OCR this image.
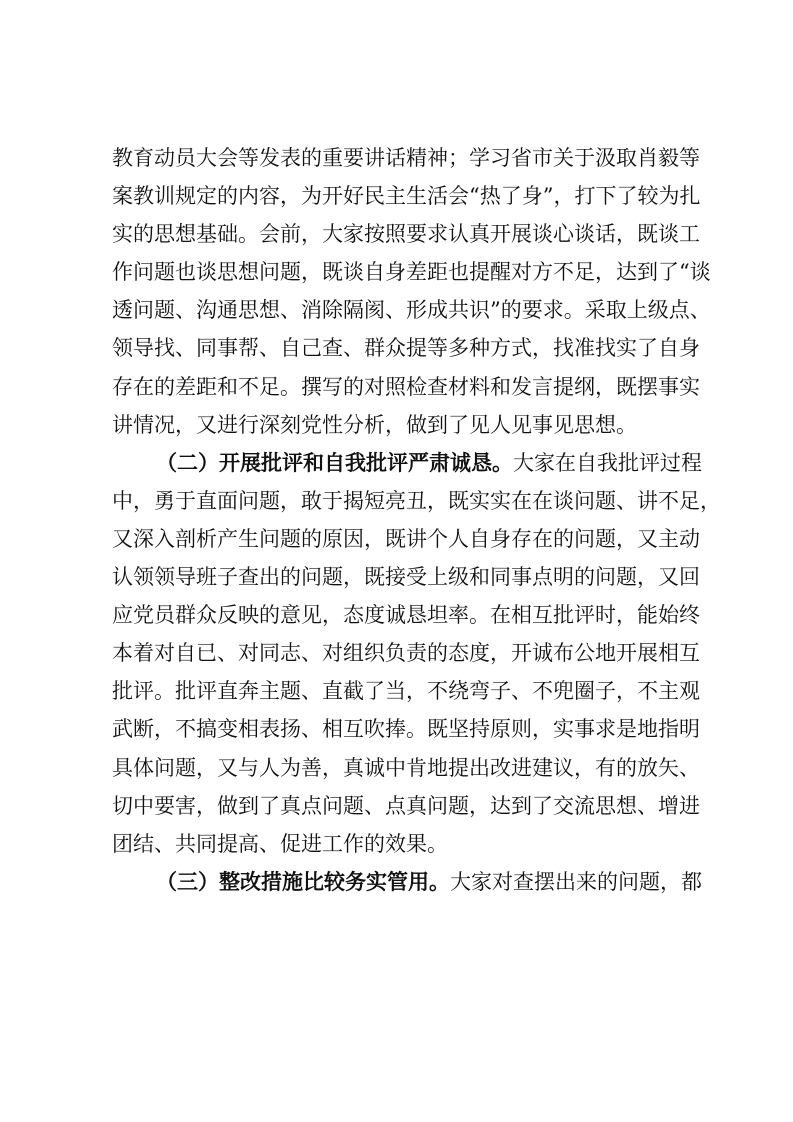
教育动员大会等发表的重要讲话精神；学习省市关于汲取肖毅等
案教训规定的内容，为开好民主生活会“热了身”，打下了较为扎
实的思想基础。会前，大家按照要求认真开展谈心谈话，既谈工
作问题也谈思想问题，既谈自身差距也提醒对方不足，达到了“谈
透问题、沟通思想、消除隔阂、形成共识”的要求。采取上级点、
领导找、同事帮、自己查、群众提等多种方式，找准找实了自身
存在的差距和不足。撰写的对照检查材料和发言提纲，既摆事实
讲情况，又进行深刻党性分析，做到了见人见事见思想。
（二）开展批评和自我批评严肃诚恳。大家在自我批评过程
中，勇于直面问题，敢于揭短亮丑，既实实在在谈问题、讲不足，
又深入剖析产生问题的原因，既讲个人自身存在的问题，又主动
认领领导班子查出的问题，既接受上级和同事点明的问题，又回
应党员群众反映的意见，态度诚恳坦率。在相互批评时，能始终
本着对自已、对同志、对组织负责的态度，开诚布公地开展相互
批评。批评直奔主题、直截了当，不绕弯子、不兜圈子，不主观
武断，不搞变相表扬、相互吹捧。既坚持原则，实事求是地指明
具体问题，又与人为善，真诚中肯地提出改进建议，有的放矢、
切中要害，做到了真点问题、点真问题，达到了交流思想、增进
团结、共同提高、促进工作的效果。
（三）整改措施比较务实管用。大家对查摆出来的问题，都
